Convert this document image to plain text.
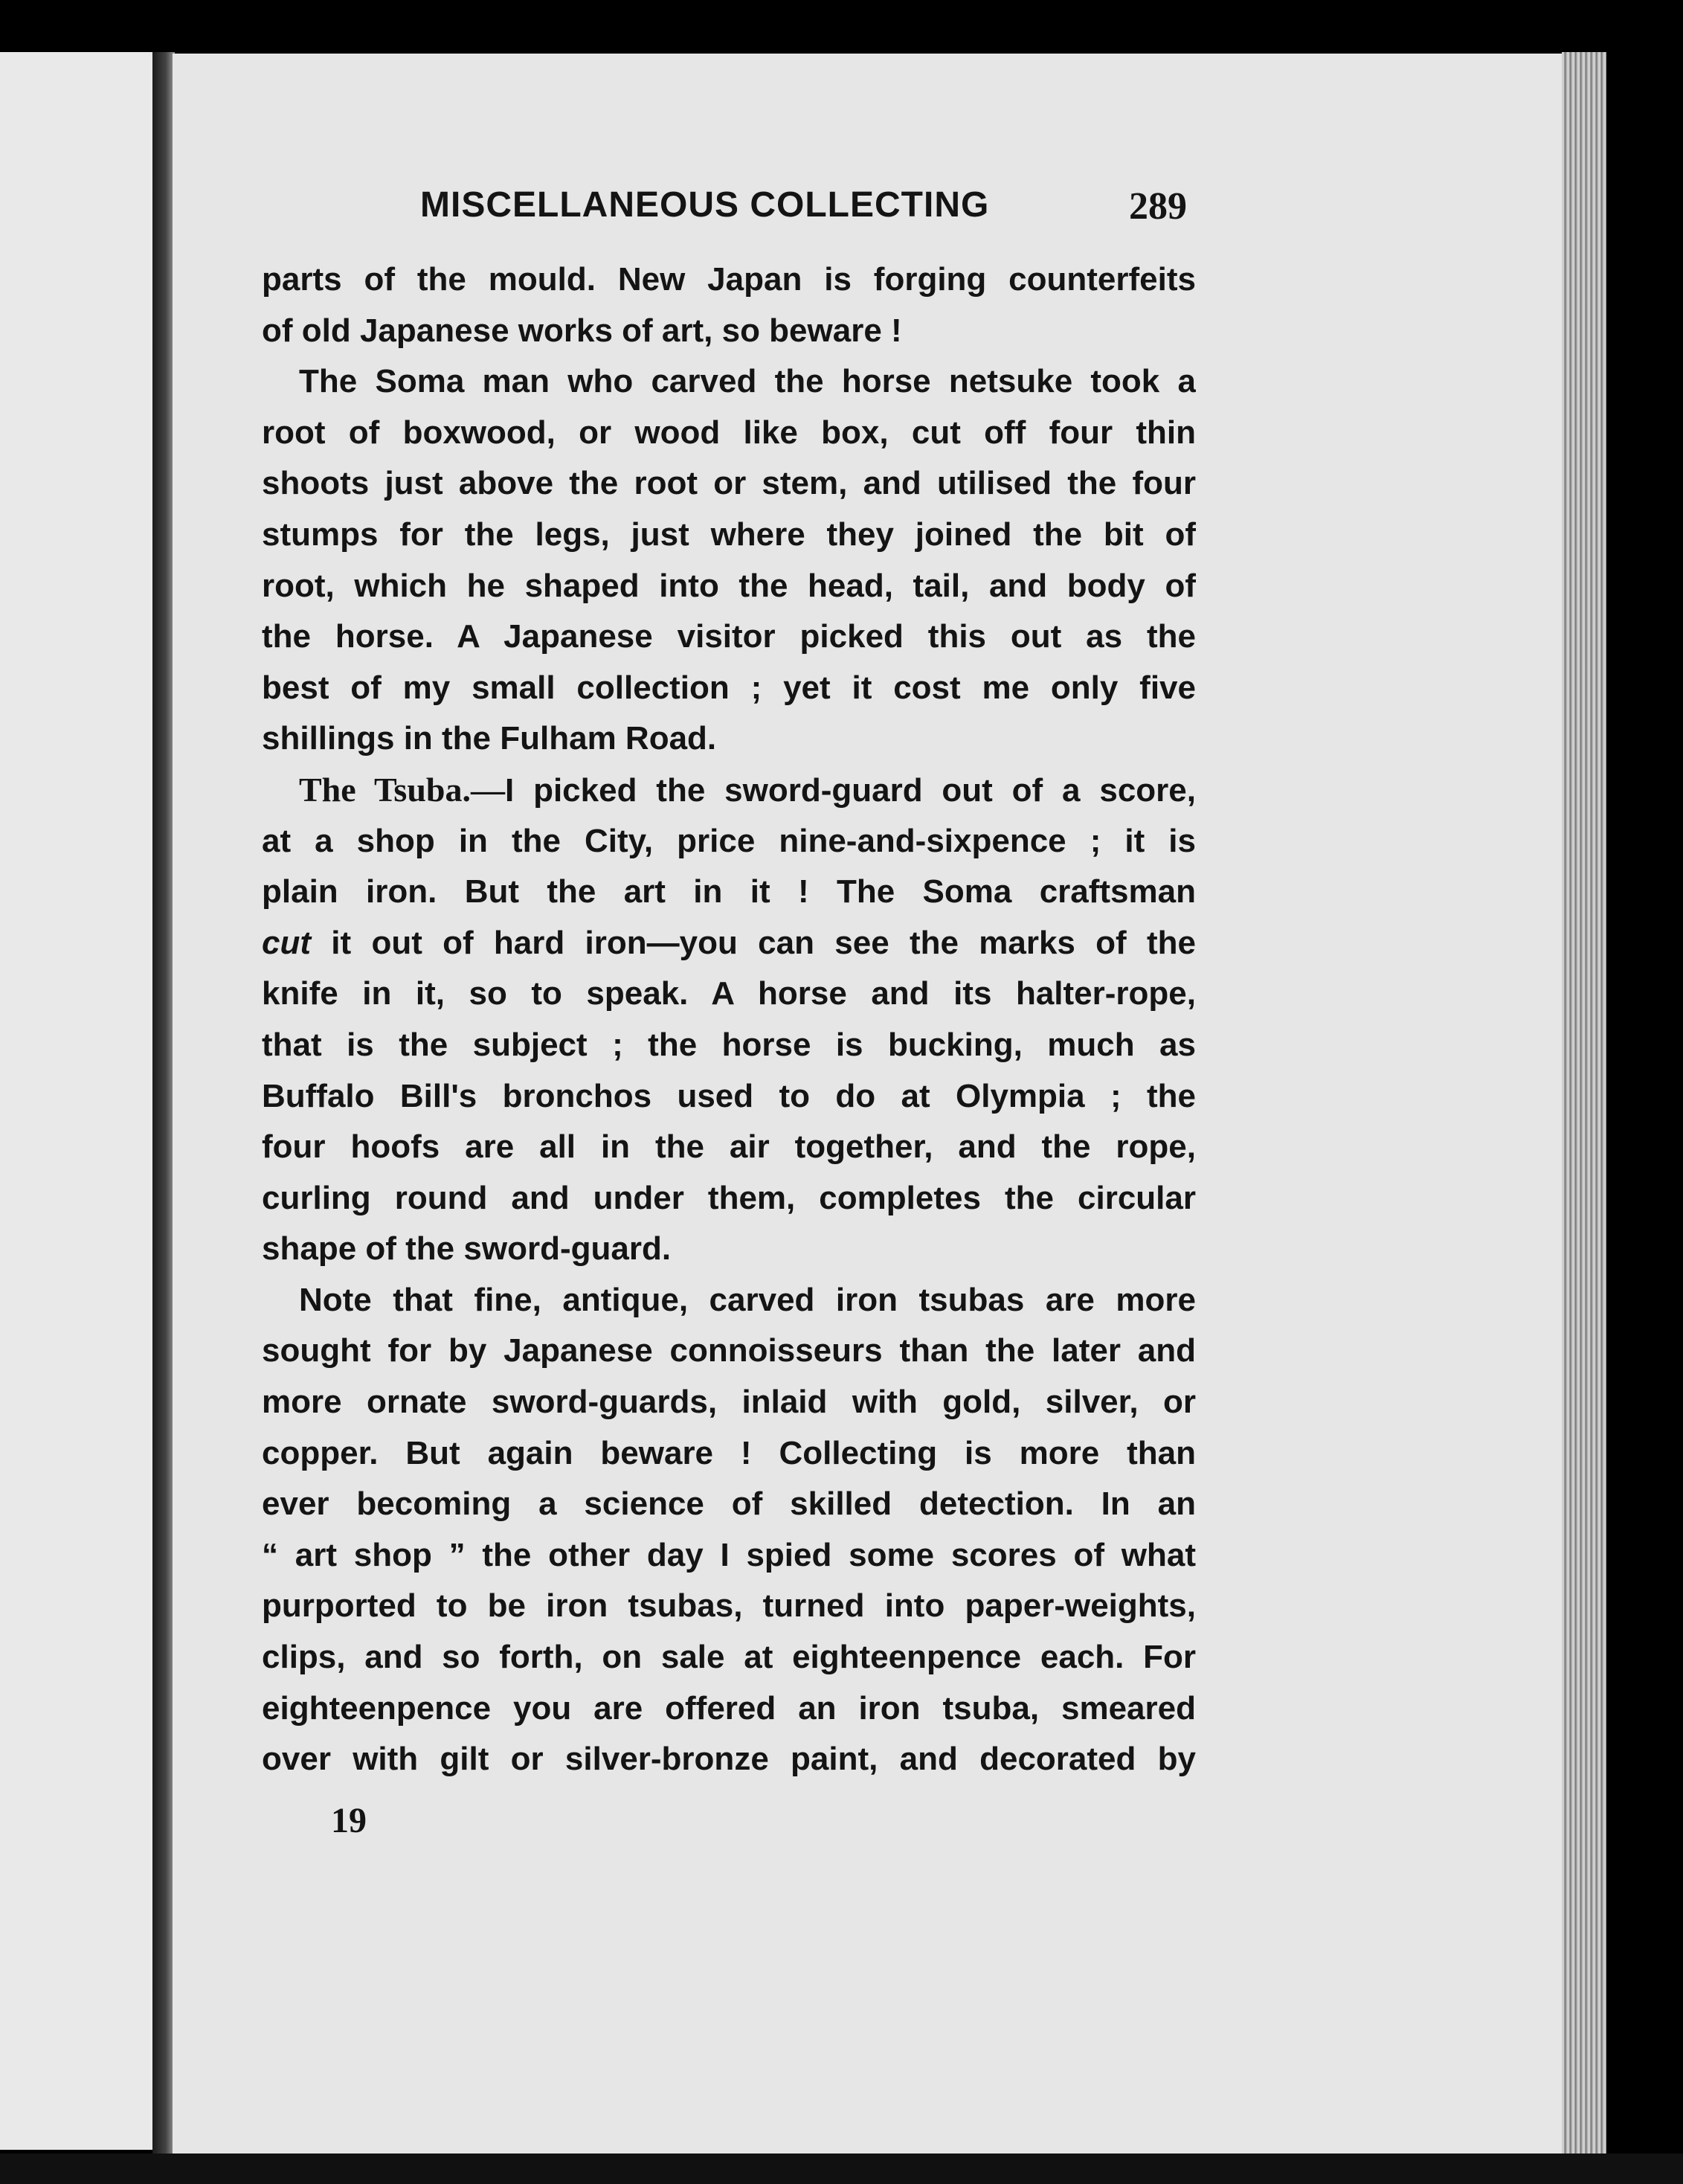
MISCELLANEOUS COLLECTING	289
parts of the mould. New Japan is forging counterfeits
of old Japanese works of art, so beware !
The Soma man who carved the horse netsuke took a
root of boxwood, or wood like box, cut off four thin
shoots just above the root or stem, and utilised the four
stumps for the legs, just where they joined the bit of
root, which he shaped into the head, tail, and body of
the horse. A Japanese visitor picked this out as the
best of my small collection ; yet it cost me only five
shillings in the Fulham Road.
The Tsuba.—I picked the sword-guard out of a score,
at a shop in the City, price nine-and-sixpence ; it is
plain iron. But the art in it ! The Soma craftsman
cut it out of hard iron—you can see the marks of the
knife in it, so to speak. A horse and its halter-rope,
that is the subject ; the horse is bucking, much as
Buffalo Bill's bronchos used to do at Olympia ; the
four hoofs are all in the air together, and the rope,
curling round and under them, completes the circular
shape of the sword-guard.
Note that fine, antique, carved iron tsubas are more
sought for by Japanese connoisseurs than the later and
more ornate sword-guards, inlaid with gold, silver, or
copper. But again beware ! Collecting is more than
ever becoming a science of skilled detection. In an
“ art shop ” the other day I spied some scores of what
purported to be iron tsubas, turned into paper-weights,
clips, and so forth, on sale at eighteenpence each. For
eighteenpence you are offered an iron tsuba, smeared
over with gilt or silver-bronze paint, and decorated by
19
